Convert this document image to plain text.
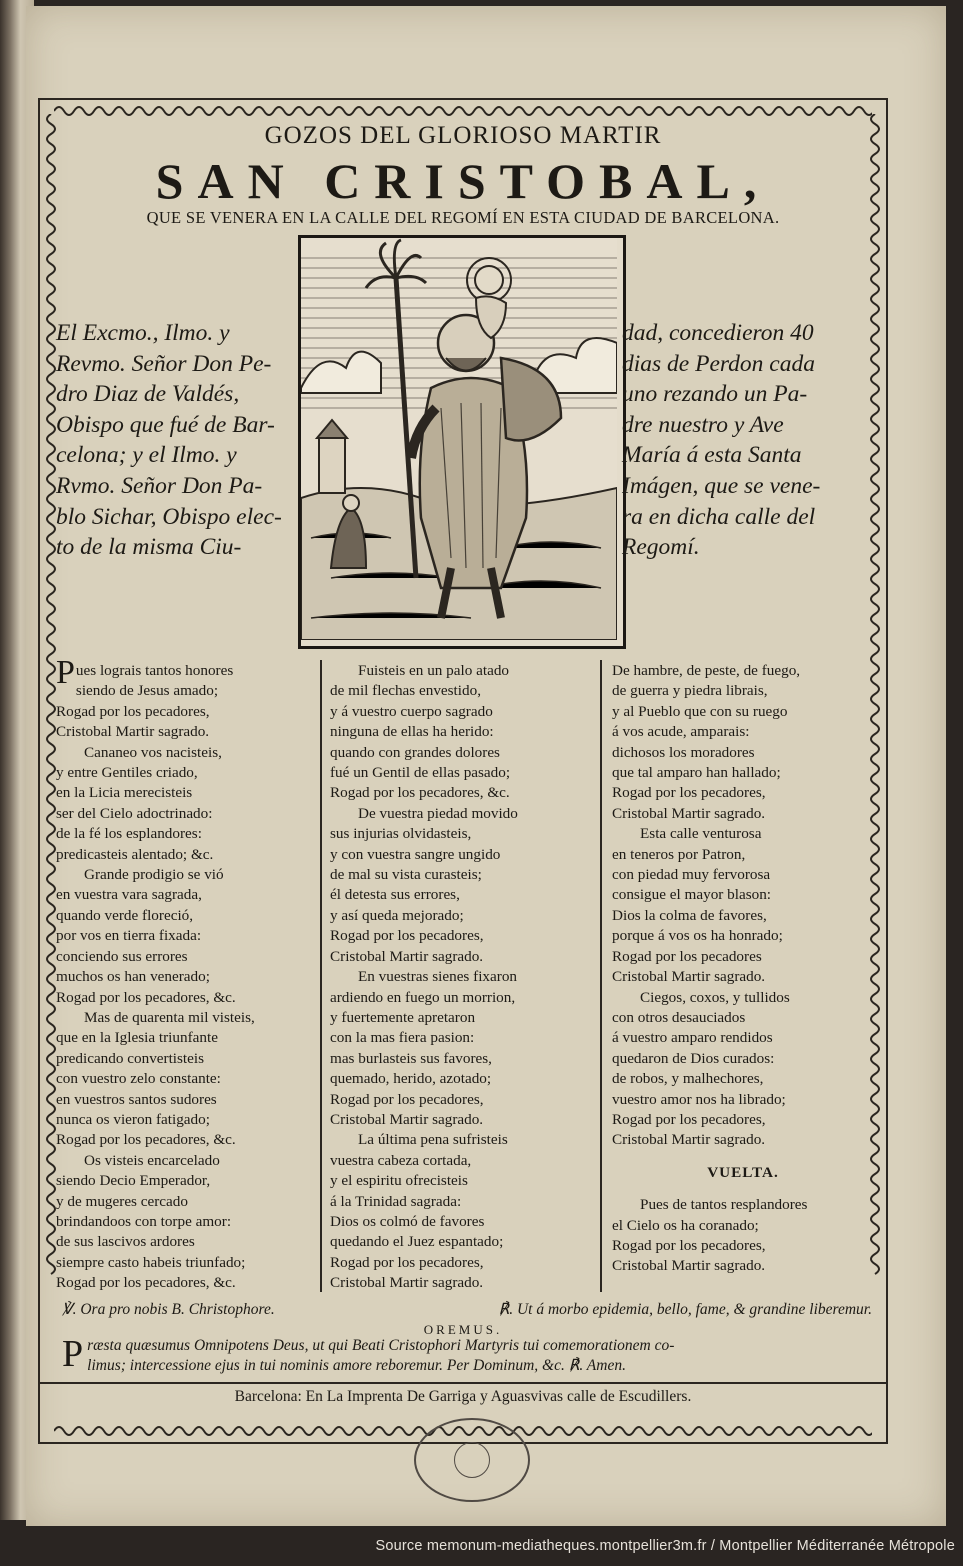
GOZOS DEL GLORIOSO MARTIR
SAN CRISTOBAL,
QUE SE VENERA EN LA CALLE DEL REGOMÍ EN ESTA CIUDAD DE BARCELONA.
El Excmo., Ilmo. y
Revmo. Señor Don Pe-
dro Diaz de Valdés,
Obispo que fué de Bar-
celona; y el Ilmo. y
Rvmo. Señor Don Pa-
blo Sichar, Obispo elec-
to de la misma Ciu-
dad, concedieron 40
dias de Perdon cada
uno rezando un Pa-
dre nuestro y Ave
María á esta Santa
Imágen, que se vene-
ra en dicha calle del
Regomí.
Pues lograis tantos honores
siendo de Jesus amado;
Rogad por los pecadores,
Cristobal Martir sagrado.
Cananeo vos nacisteis,
y entre Gentiles criado,
en la Licia merecisteis
ser del Cielo adoctrinado:
de la fé los esplandores:
predicasteis alentado; &c.
Grande prodigio se vió
en vuestra vara sagrada,
quando verde floreció,
por vos en tierra fixada:
conciendo sus errores
muchos os han venerado;
Rogad por los pecadores, &c.
Mas de quarenta mil visteis,
que en la Iglesia triunfante
predicando convertisteis
con vuestro zelo constante:
en vuestros santos sudores
nunca os vieron fatigado;
Rogad por los pecadores, &c.
Os visteis encarcelado
siendo Decio Emperador,
y de mugeres cercado
brindandoos con torpe amor:
de sus lascivos ardores
siempre casto habeis triunfado;
Rogad por los pecadores, &c.
Fuisteis en un palo atado
de mil flechas envestido,
y á vuestro cuerpo sagrado
ninguna de ellas ha herido:
quando con grandes dolores
fué un Gentil de ellas pasado;
Rogad por los pecadores, &c.
De vuestra piedad movido
sus injurias olvidasteis,
y con vuestra sangre ungido
de mal su vista curasteis;
él detesta sus errores,
y así queda mejorado;
Rogad por los pecadores,
Cristobal Martir sagrado.
En vuestras sienes fixaron
ardiendo en fuego un morrion,
y fuertemente apretaron
con la mas fiera pasion:
mas burlasteis sus favores,
quemado, herido, azotado;
Rogad por los pecadores,
Cristobal Martir sagrado.
La última pena sufristeis
vuestra cabeza cortada,
y el espiritu ofrecisteis
á la Trinidad sagrada:
Dios os colmó de favores
quedando el Juez espantado;
Rogad por los pecadores,
Cristobal Martir sagrado.
De hambre, de peste, de fuego,
de guerra y piedra librais,
y al Pueblo que con su ruego
á vos acude, amparais:
dichosos los moradores
que tal amparo han hallado;
Rogad por los pecadores,
Cristobal Martir sagrado.
Esta calle venturosa
en teneros por Patron,
con piedad muy fervorosa
consigue el mayor blason:
Dios la colma de favores,
porque á vos os ha honrado;
Rogad por los pecadores
Cristobal Martir sagrado.
Ciegos, coxos, y tullidos
con otros desauciados
á vuestro amparo rendidos
quedaron de Dios curados:
de robos, y malhechores,
vuestro amor nos ha librado;
Rogad por los pecadores,
Cristobal Martir sagrado.
VUELTA.
Pues de tantos resplandores
el Cielo os ha coranado;
Rogad por los pecadores,
Cristobal Martir sagrado.
℣. Ora pro nobis B. Christophore.	℟. Ut á morbo epidemia, bello, fame, & grandine liberemur.
OREMUS.
P ræsta quæsumus Omnipotens Deus, ut qui Beati Cristophori Martyris tui comemorationem co-
limus; intercessione ejus in tui nominis amore reboremur. Per Dominum, &c. ℟. Amen.
Barcelona: En La Imprenta De Garriga y Aguasvivas calle de Escudillers.
Source memonum-mediatheques.montpellier3m.fr / Montpellier Méditerranée Métropole
